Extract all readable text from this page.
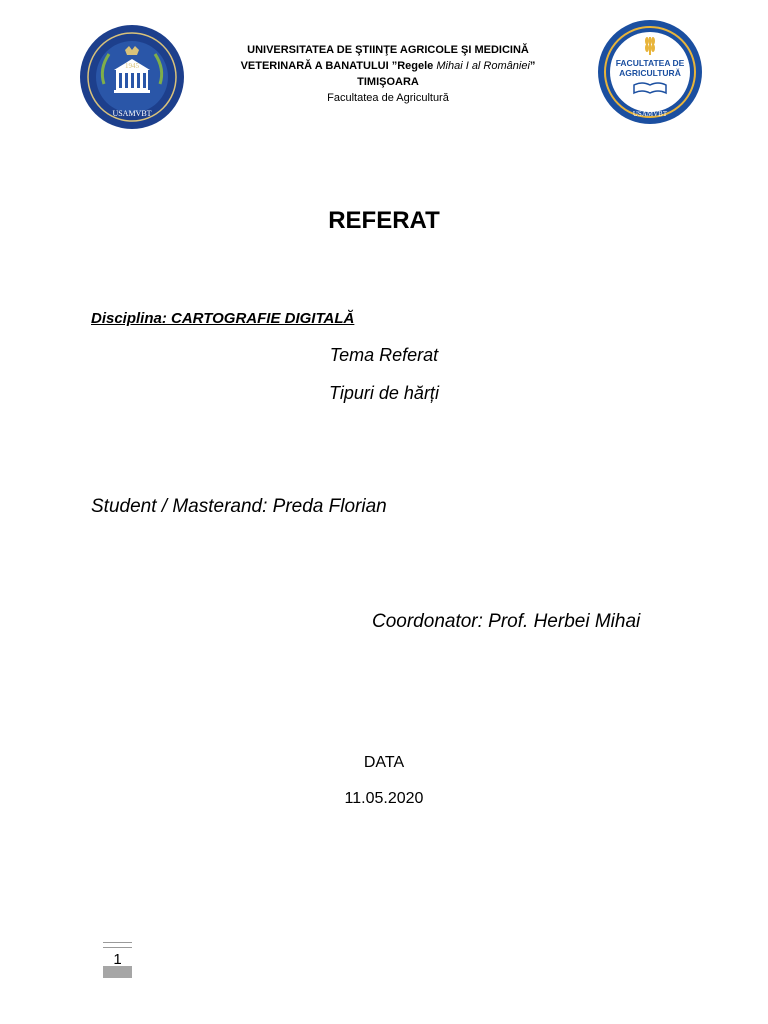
1945
USAMVBT
UNIVERSITATEA DE ŞTIINŢE AGRICOLE ŞI MEDICINĂ
VETERINARĂ A BANATULUI ”Regele Mihai I al României”
TIMIŞOARA
Facultatea de Agricultură
FACULTATEA DE
AGRICULTURĂ
USAMVBT
REFERAT
Disciplina: CARTOGRAFIE DIGITALĂ
Tema Referat
Tipuri de hărți
Student / Masterand: Preda Florian
Coordonator: Prof. Herbei Mihai
DATA
11.05.2020
1
